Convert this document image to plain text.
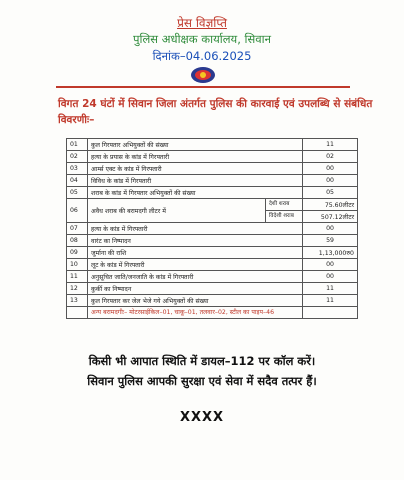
प्रेस विज्ञप्ति
पुलिस अधीक्षक कार्यालय, सिवान
दिनांक–04.06.2025
विगत 24 घंटों में सिवान जिला अंतर्गत पुलिस की कारवाई एवं उपलब्धि से संबंधित विवरणीः–
01	कुल गिरफ्तार अभियुक्तों की संख्या		11
02	हत्या के प्रयास के कांड में गिरफ्तारी		02
03	आर्म्स एक्ट के कांड में गिरफ्तारी		00
04	विविध के कांड में गिरफ्तारी		00
05	शराब के कांड में गिरफ्तार अभियुक्तों की संख्या		05
06	अवैध शराब की बरामदगी लीटर में	देशी शराब	75.60लीटर
		विदेशी शराब	507.12लीटर
07	हत्या के कांड में गिरफ्तारी		00
08	वारंट का निष्पादन		59
09	जुर्माना की राशि		1,13,000रु0
10	लूट के कांड में गिरफ्तारी		00
11	अनुसूचित जाति/जनजाति के कांड में गिरफ्तारी		00
12	कुर्की का निष्पादन		11
13	कुल गिरफ्तार कर जेल भेजे गये अभियुक्तों की संख्या		11
	अन्य बरामदगीः– मोटरसाईकिल–01, चाकू–01, तलवार–02, स्टील का पाइप–46		
किसी भी आपात स्थिति में डायल–112 पर कॉल करें।
सिवान पुलिस आपकी सुरक्षा एवं सेवा में सदैव तत्पर हैं।
XXXX
